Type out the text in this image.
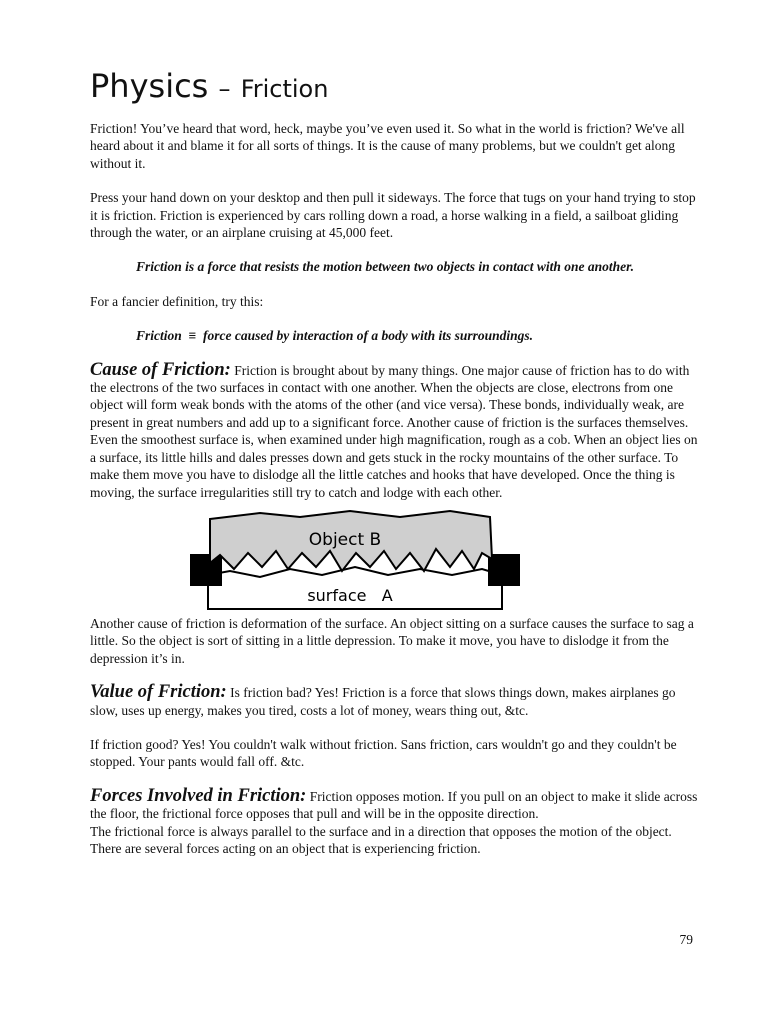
Physics – Friction

Friction! You’ve heard that word, heck, maybe you’ve even used it. So what in the world is friction? We've all heard about it and blame it for all sorts of things. It is the cause of many problems, but we couldn't get along without it.

Press your hand down on your desktop and then pull it sideways. The force that tugs on your hand trying to stop it is friction. Friction is experienced by cars rolling down a road, a horse walking in a field, a sailboat gliding through the water, or an airplane cruising at 45,000 feet.

Friction is a force that resists the motion between two objects in contact with one another.

For a fancier definition, try this:

Friction ≡ force caused by interaction of a body with its surroundings.

Cause of Friction: Friction is brought about by many things. One major cause of friction has to do with the electrons of the two surfaces in contact with one another. When the objects are close, electrons from one object will form weak bonds with the atoms of the other (and vice versa). These bonds, individually weak, are present in great numbers and add up to a significant force. Another cause of friction is the surfaces themselves. Even the smoothest surface is, when examined under high magnification, rough as a cob. When an object lies on a surface, its little hills and dales presses down and gets stuck in the rocky mountains of the other surface. To make them move you have to dislodge all the little catches and hooks that have developed. Once the thing is moving, the surface irregularities still try to catch and lodge with each other.

Object B
surface   A

Another cause of friction is deformation of the surface. An object sitting on a surface causes the surface to sag a little. So the object is sort of sitting in a little depression. To make it move, you have to dislodge it from the depression it’s in.

Value of Friction: Is friction bad? Yes! Friction is a force that slows things down, makes airplanes go slow, uses up energy, makes you tired, costs a lot of money, wears thing out, &tc.

If friction good? Yes! You couldn't walk without friction. Sans friction, cars wouldn't go and they couldn't be stopped. Your pants would fall off. &tc.

Forces Involved in Friction: Friction opposes motion. If you pull on an object to make it slide across the floor, the frictional force opposes that pull and will be in the opposite direction.
The frictional force is always parallel to the surface and in a direction that opposes the motion of the object. There are several forces acting on an object that is experiencing friction.

79
